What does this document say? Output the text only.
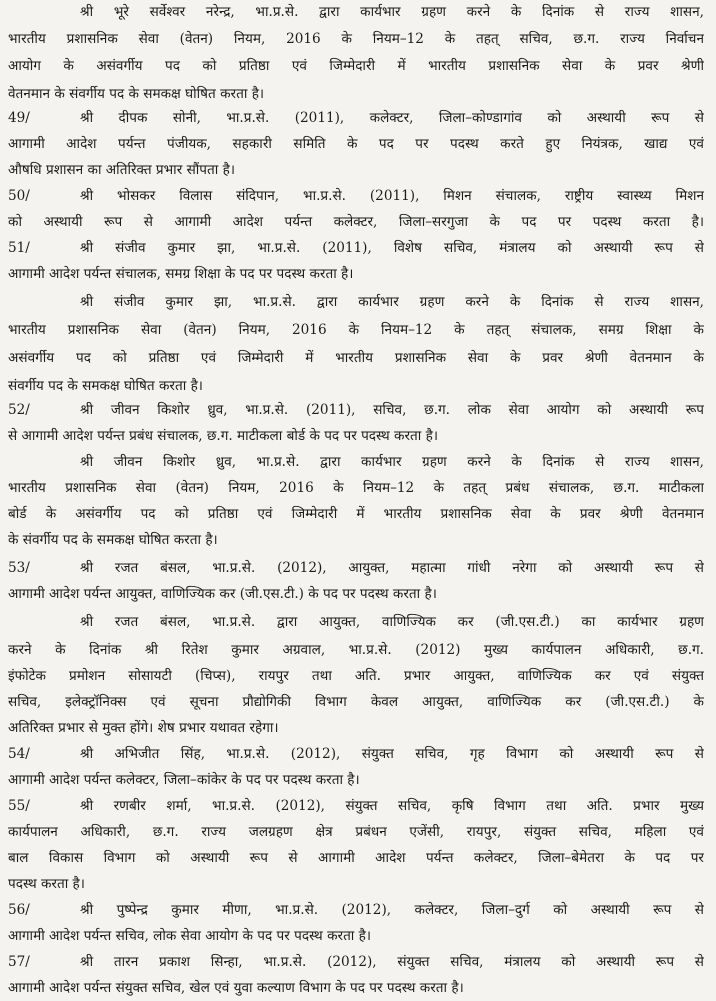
श्री भूरे सर्वेश्वर नरेन्द्र, भा.प्र.से. द्वारा कार्यभार ग्रहण करने के दिनांक से राज्य शासन,
भारतीय प्रशासनिक सेवा (वेतन) नियम, 2016 के नियम–12 के तहत् सचिव, छ.ग. राज्य निर्वाचन
आयोग के असंवर्गीय पद को प्रतिष्ठा एवं जिम्मेदारी में भारतीय प्रशासनिक सेवा के प्रवर श्रेणी
वेतनमान के संवर्गीय पद के समकक्ष घोषित करता है।
49/	श्री दीपक सोनी, भा.प्र.से. (2011), कलेक्टर, जिला–कोण्डागांव को अस्थायी रूप से
आगामी आदेश पर्यन्त पंजीयक, सहकारी समिति के पद पर पदस्थ करते हुए नियंत्रक, खाद्य एवं
औषधि प्रशासन का अतिरिक्त प्रभार सौंपता है।
50/	श्री भोसकर विलास संदिपान, भा.प्र.से. (2011), मिशन संचालक, राष्ट्रीय स्वास्थ्य मिशन
को अस्थायी रूप से आगामी आदेश पर्यन्त कलेक्टर, जिला–सरगुजा के पद पर पदस्थ करता है।
51/	श्री संजीव कुमार झा, भा.प्र.से. (2011), विशेष सचिव, मंत्रालय को अस्थायी रूप से
आगामी आदेश पर्यन्त संचालक, समग्र शिक्षा के पद पर पदस्थ करता है।
श्री संजीव कुमार झा, भा.प्र.से. द्वारा कार्यभार ग्रहण करने के दिनांक से राज्य शासन,
भारतीय प्रशासनिक सेवा (वेतन) नियम, 2016 के नियम–12 के तहत् संचालक, समग्र शिक्षा के
असंवर्गीय पद को प्रतिष्ठा एवं जिम्मेदारी में भारतीय प्रशासनिक सेवा के प्रवर श्रेणी वेतनमान के
संवर्गीय पद के समकक्ष घोषित करता है।
52/	श्री जीवन किशोर ध्रुव, भा.प्र.से. (2011), सचिव, छ.ग. लोक सेवा आयोग को अस्थायी रूप
से आगामी आदेश पर्यन्त प्रबंध संचालक, छ.ग. माटीकला बोर्ड के पद पर पदस्थ करता है।
श्री जीवन किशोर ध्रुव, भा.प्र.से. द्वारा कार्यभार ग्रहण करने के दिनांक से राज्य शासन,
भारतीय प्रशासनिक सेवा (वेतन) नियम, 2016 के नियम–12 के तहत् प्रबंध संचालक, छ.ग. माटीकला
बोर्ड के असंवर्गीय पद को प्रतिष्ठा एवं जिम्मेदारी में भारतीय प्रशासनिक सेवा के प्रवर श्रेणी वेतनमान
के संवर्गीय पद के समकक्ष घोषित करता है।
53/	श्री रजत बंसल, भा.प्र.से. (2012), आयुक्त, महात्मा गांधी नरेगा को अस्थायी रूप से
आगामी आदेश पर्यन्त आयुक्त, वाणिज्यिक कर (जी.एस.टी.) के पद पर पदस्थ करता है।
श्री रजत बंसल, भा.प्र.से. द्वारा आयुक्त, वाणिज्यिक कर (जी.एस.टी.) का कार्यभार ग्रहण
करने के दिनांक श्री रितेश कुमार अग्रवाल, भा.प्र.से. (2012) मुख्य कार्यपालन अधिकारी, छ.ग.
इंफोटेक प्रमोशन सोसायटी (चिप्स), रायपुर तथा अति. प्रभार आयुक्त, वाणिज्यिक कर एवं संयुक्त
सचिव, इलेक्ट्रॉनिक्स एवं सूचना प्रौद्योगिकी विभाग केवल आयुक्त, वाणिज्यिक कर (जी.एस.टी.) के
अतिरिक्त प्रभार से मुक्त होंगे। शेष प्रभार यथावत रहेगा।
54/	श्री अभिजीत सिंह, भा.प्र.से. (2012), संयुक्त सचिव, गृह विभाग को अस्थायी रूप से
आगामी आदेश पर्यन्त कलेक्टर, जिला–कांकेर के पद पर पदस्थ करता है।
55/	श्री रणबीर शर्मा, भा.प्र.से. (2012), संयुक्त सचिव, कृषि विभाग तथा अति. प्रभार मुख्य
कार्यपालन अधिकारी, छ.ग. राज्य जलग्रहण क्षेत्र प्रबंधन एजेंसी, रायपुर, संयुक्त सचिव, महिला एवं
बाल विकास विभाग को अस्थायी रूप से आगामी आदेश पर्यन्त कलेक्टर, जिला–बेमेतरा के पद पर
पदस्थ करता है।
56/	श्री पुष्पेन्द्र कुमार मीणा, भा.प्र.से. (2012), कलेक्टर, जिला–दुर्ग को अस्थायी रूप से
आगामी आदेश पर्यन्त सचिव, लोक सेवा आयोग के पद पर पदस्थ करता है।
57/	श्री तारन प्रकाश सिन्हा, भा.प्र.से. (2012), संयुक्त सचिव, मंत्रालय को अस्थायी रूप से
आगामी आदेश पर्यन्त संयुक्त सचिव, खेल एवं युवा कल्याण विभाग के पद पर पदस्थ करता है।
